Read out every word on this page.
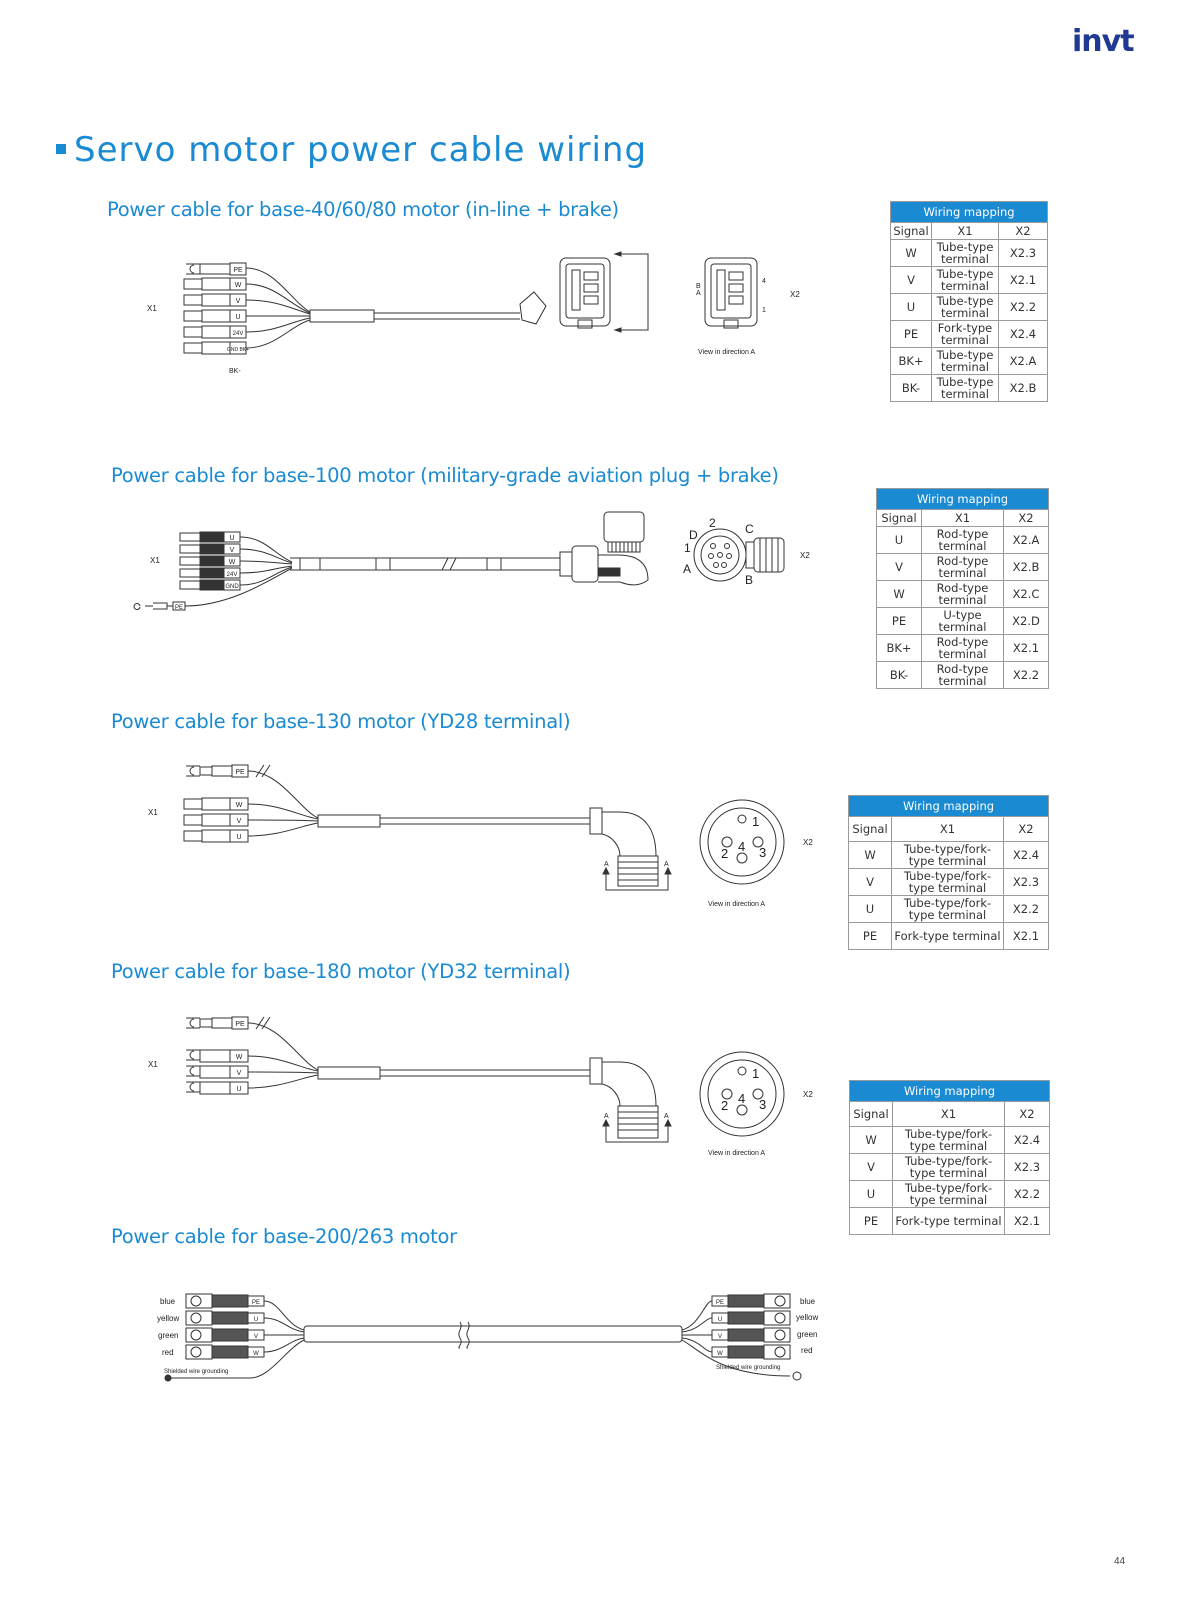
invt
Servo motor power cable wiring
Power cable for base-40/60/80 motor (in-line + brake)
Power cable for base-100 motor (military-grade aviation plug + brake)
Power cable for base-130 motor (YD28 terminal)
Power cable for base-180 motor (YD32 terminal)
Power cable for base-200/263 motor
X1
X2
PE
W
V
U
24V
GND BK+
BK-
B
A
4
1
View in direction A
Wiring mapping		
Signal	X1	X2
W	Tube-type terminal	X2.3
V	Tube-type terminal	X2.1
U	Tube-type terminal	X2.2
PE	Fork-type terminal	X2.4
BK+	Tube-type terminal	X2.A
BK-	Tube-type terminal	X2.B
X1
X2
U
V
W
24V
GND
PE
2 C
D
1
A
B
Wiring mapping		
Signal	X1	X2
U	Rod-type terminal	X2.A
V	Rod-type terminal	X2.B
W	Rod-type terminal	X2.C
PE	U-type terminal	X2.D
BK+	Rod-type terminal	X2.1
BK-	Rod-type terminal	X2.2
X1
X2
PE
W
V
U
1
2 4 3
A	A
View in direction A
Wiring mapping		
Signal	X1	X2
W	Tube-type/fork-type terminal	X2.4
V	Tube-type/fork-type terminal	X2.3
U	Tube-type/fork-type terminal	X2.2
PE	Fork-type terminal	X2.1
X1
X2
PE
W
V
U
1
2 4 3
A	A
View in direction A
Wiring mapping		
Signal	X1	X2
W	Tube-type/fork-type terminal	X2.4
V	Tube-type/fork-type terminal	X2.3
U	Tube-type/fork-type terminal	X2.2
PE	Fork-type terminal	X2.1
blue
yellow
green
red
PE
U
V
W
Shielded wire grounding
PE
U
V
W
blue
yellow
green
red
Shielded wire grounding
44
